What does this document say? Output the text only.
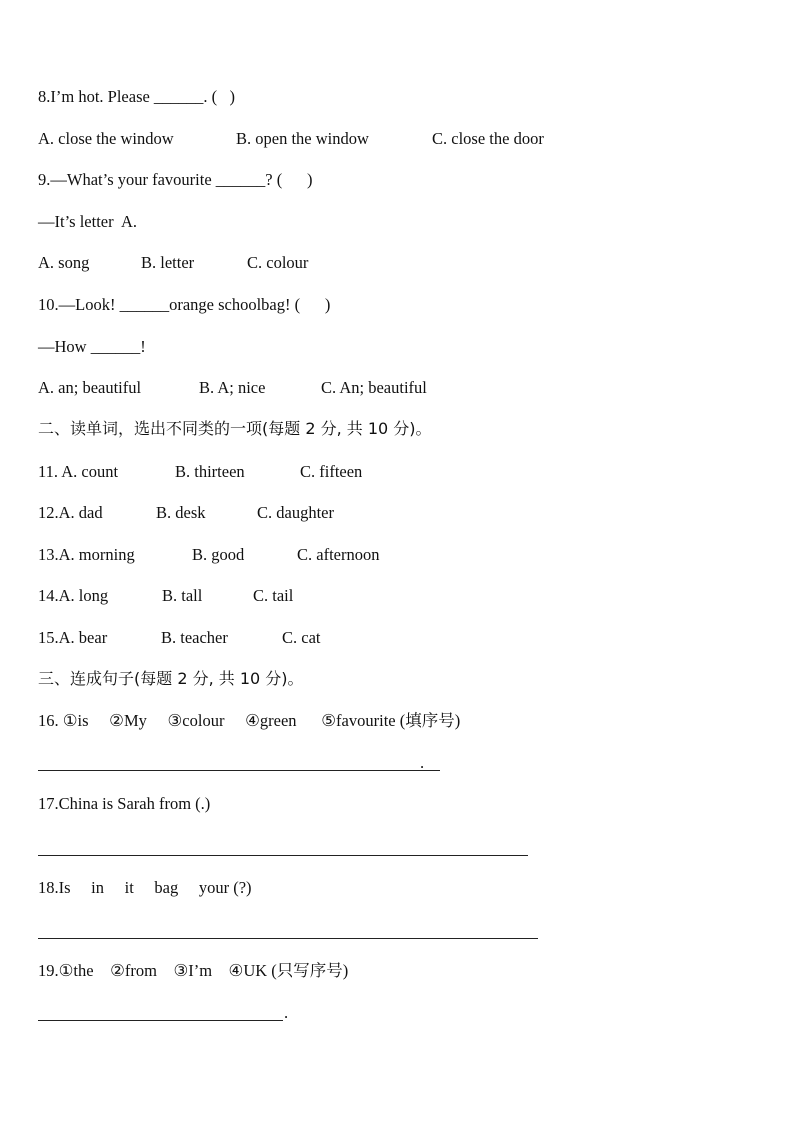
8.I’m hot. Please ______. (   )
A. close the window	B. open the window	C. close the door
9.—What’s your favourite ______? (      )
—It’s letter  A.
A. song	B. letter	C. colour
10.—Look! ______orange schoolbag! (      )
—How ______!
A. an; beautiful	B. A; nice	C. An; beautiful
二、读单词，选出不同类的一项(每题 2 分, 共 10 分)。
11. A. count	B. thirteen	C. fifteen
12.A. dad	B. desk	C. daughter
13.A. morning	B. good	C. afternoon
14.A. long	B. tall	C. tail
15.A. bear	B. teacher	C. cat
三、连成句子(每题 2 分, 共 10 分)。
16. ①is     ②My     ③colour     ④green      ⑤favourite (填序号)
.
17.China is Sarah from (.)
18.Is     in     it     bag     your (?)
19.①the    ②from    ③I’m    ④UK (只写序号)
.
